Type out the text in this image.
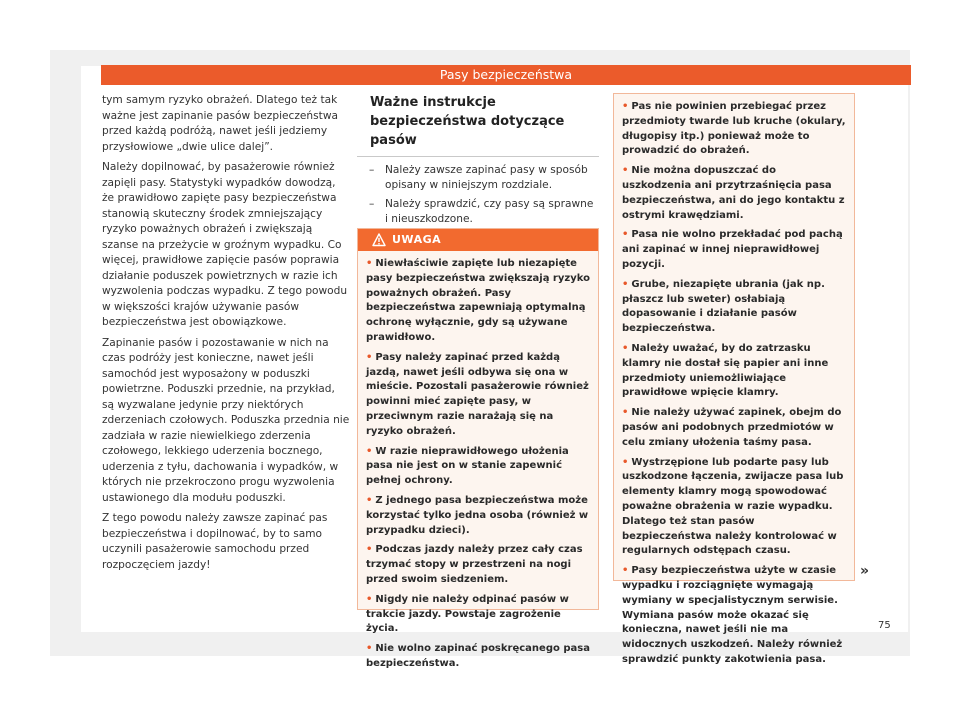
Pasy bezpieczeństwa

tym samym ryzyko obrażeń. Dlatego też tak ważne jest zapinanie pasów bezpieczeństwa przed każdą podróżą, nawet jeśli jedziemy przysłowiowe „dwie ulice dalej”.

Należy dopilnować, by pasażerowie również zapięli pasy. Statystyki wypadków dowodzą, że prawidłowo zapięte pasy bezpieczeństwa stanowią skuteczny środek zmniejszający ryzyko poważnych obrażeń i zwiększają szanse na przeżycie w groźnym wypadku. Co więcej, prawidłowe zapięcie pasów poprawia działanie poduszek powietrznych w razie ich wyzwolenia podczas wypadku. Z tego powodu w większości krajów używanie pasów bezpieczeństwa jest obowiązkowe.

Zapinanie pasów i pozostawanie w nich na czas podróży jest konieczne, nawet jeśli samochód jest wyposażony w poduszki powietrzne. Poduszki przednie, na przykład, są wyzwalane jedynie przy niektórych zderzeniach czołowych. Poduszka przednia nie zadziała w razie niewielkiego zderzenia czołowego, lekkiego uderzenia bocznego, uderzenia z tyłu, dachowania i wypadków, w których nie przekroczono progu wyzwolenia ustawionego dla modułu poduszki.

Z tego powodu należy zawsze zapinać pas bezpieczeństwa i dopilnować, by to samo uczynili pasażerowie samochodu przed rozpoczęciem jazdy!

Ważne instrukcje bezpieczeństwa dotyczące pasów
– Należy zawsze zapinać pasy w sposób opisany w niniejszym rozdziale.
– Należy sprawdzić, czy pasy są sprawne i nieuszkodzone.
UWAGA
• Niewłaściwie zapięte lub niezapięte pasy bezpieczeństwa zwiększają ryzyko poważnych obrażeń. Pasy bezpieczeństwa zapewniają optymalną ochronę wyłącznie, gdy są używane prawidłowo.
• Pasy należy zapinać przed każdą jazdą, nawet jeśli odbywa się ona w mieście. Pozostali pasażerowie również powinni mieć zapięte pasy, w przeciwnym razie narażają się na ryzyko obrażeń.
• W razie nieprawidłowego ułożenia pasa nie jest on w stanie zapewnić pełnej ochrony.
• Z jednego pasa bezpieczeństwa może korzystać tylko jedna osoba (również w przypadku dzieci).
• Podczas jazdy należy przez cały czas trzymać stopy w przestrzeni na nogi przed swoim siedzeniem.
• Nigdy nie należy odpinać pasów w trakcie jazdy. Powstaje zagrożenie życia.
• Nie wolno zapinać poskręcanego pasa bezpieczeństwa.
• Pas nie powinien przebiegać przez przedmioty twarde lub kruche (okulary, długopisy itp.) ponieważ może to prowadzić do obrażeń.
• Nie można dopuszczać do uszkodzenia ani przytrzaśnięcia pasa bezpieczeństwa, ani do jego kontaktu z ostrymi krawędziami.
• Pasa nie wolno przekładać pod pachą ani zapinać w innej nieprawidłowej pozycji.
• Grube, niezapięte ubrania (jak np. płaszcz lub sweter) osłabiają dopasowanie i działanie pasów bezpieczeństwa.
• Należy uważać, by do zatrzasku klamry nie dostał się papier ani inne przedmioty uniemożliwiające prawidłowe wpięcie klamry.
• Nie należy używać zapinek, obejm do pasów ani podobnych przedmiotów w celu zmiany ułożenia taśmy pasa.
• Wystrzępione lub podarte pasy lub uszkodzone łączenia, zwijacze pasa lub elementy klamry mogą spowodować poważne obrażenia w razie wypadku. Dlatego też stan pasów bezpieczeństwa należy kontrolować w regularnych odstępach czasu.
• Pasy bezpieczeństwa użyte w czasie wypadku i rozciągnięte wymagają wymiany w specjalistycznym serwisie. Wymiana pasów może okazać się konieczna, nawet jeśli nie ma widocznych uszkodzeń. Należy również sprawdzić punkty zakotwienia pasa.
»
75
